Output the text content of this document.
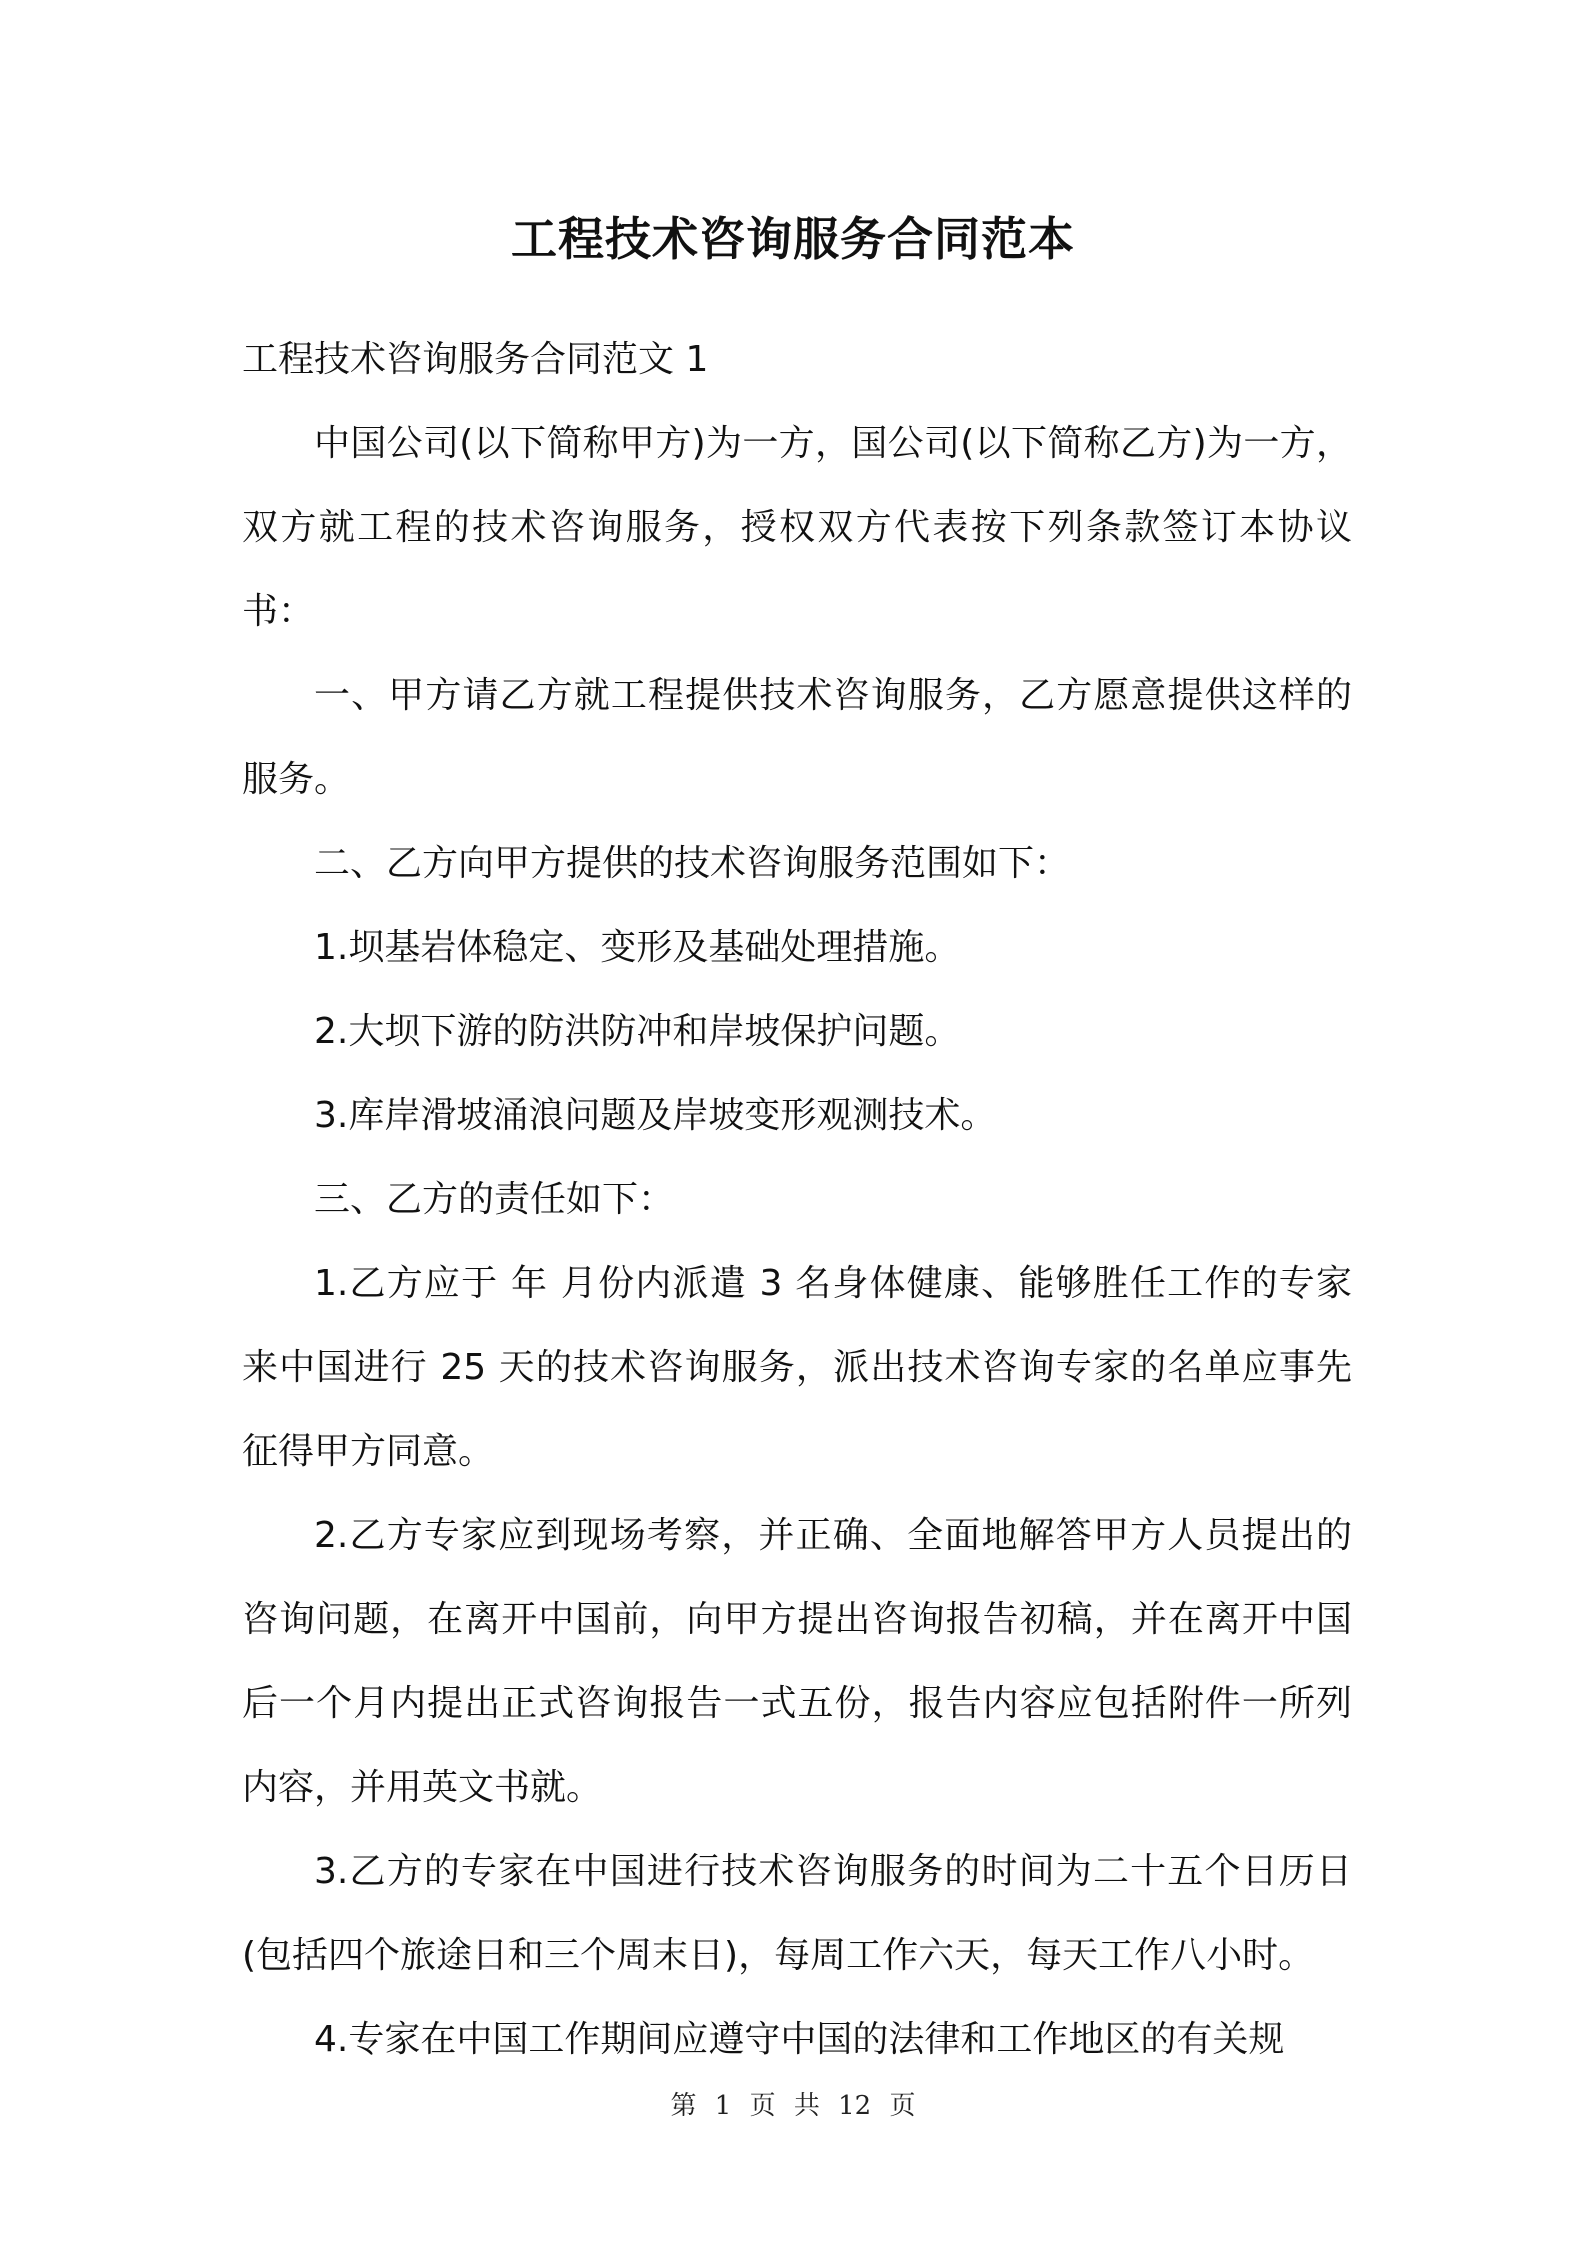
工程技术咨询服务合同范本

工程技术咨询服务合同范文 1

中国公司(以下简称甲方)为一方，国公司(以下简称乙方)为一方，双方就工程的技术咨询服务，授权双方代表按下列条款签订本协议书：

一、甲方请乙方就工程提供技术咨询服务，乙方愿意提供这样的服务。

二、乙方向甲方提供的技术咨询服务范围如下：

1.坝基岩体稳定、变形及基础处理措施。

2.大坝下游的防洪防冲和岸坡保护问题。

3.库岸滑坡涌浪问题及岸坡变形观测技术。

三、乙方的责任如下：

1.乙方应于 年 月份内派遣 3 名身体健康、能够胜任工作的专家来中国进行 25 天的技术咨询服务，派出技术咨询专家的名单应事先征得甲方同意。

2.乙方专家应到现场考察，并正确、全面地解答甲方人员提出的咨询问题，在离开中国前，向甲方提出咨询报告初稿，并在离开中国后一个月内提出正式咨询报告一式五份，报告内容应包括附件一所列内容，并用英文书就。

3.乙方的专家在中国进行技术咨询服务的时间为二十五个日历日(包括四个旅途日和三个周末日)，每周工作六天，每天工作八小时。

4.专家在中国工作期间应遵守中国的法律和工作地区的有关规

第 1 页 共 12 页
